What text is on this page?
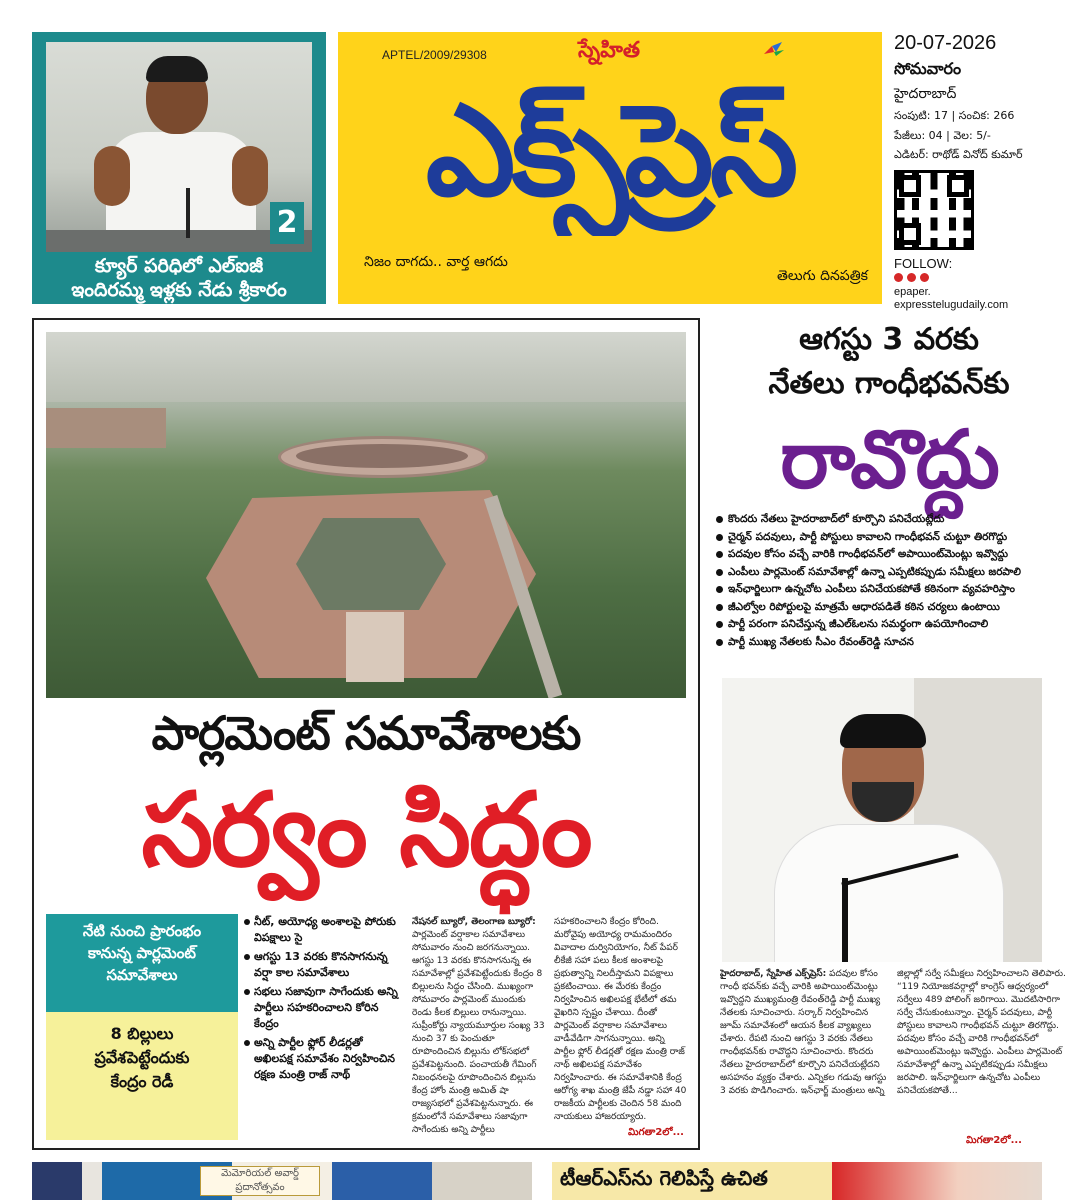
2
క్యూర్ పరిధిలో ఎల్ఐజీ
ఇందిరమ్మ ఇళ్లకు నేడు శ్రీకారం
APTEL/2009/29308	స్నేహిత
ఎక్స్‌ప్రెస్
నిజం దాగదు.. వార్త ఆగదు
తెలుగు దినపత్రిక
20-07-2026
సోమవారం
హైదరాబాద్
సంపుటి: 17 | సంచిక: 266
పేజీలు: 04 | వెల: 5/-
ఎడిటర్: రాథోడ్ వినోద్ కుమార్
FOLLOW:
epaper.
expresstelugudaily.com
పార్లమెంట్ సమావేశాలకు
సర్వం సిద్ధం
నేటి నుంచి ప్రారంభం
కానున్న పార్లమెంట్
సమావేశాలు
8 బిల్లులు
ప్రవేశపెట్టేందుకు
కేంద్రం రెడీ
నీట్, అయోధ్య అంశాలపై పోరుకు విపక్షాలు సై
ఆగస్టు 13 వరకు కొనసాగనున్న వర్షా కాల సమావేశాలు
సభలు సజావుగా సాగేందుకు అన్ని పార్టీలు సహకరించాలని కోరిన కేంద్రం
అన్ని పార్టీల ఫ్లోర్ లీడర్లతో అఖిలపక్ష సమావేశం నిర్వహించిన రక్షణ మంత్రి రాజ్ నాథ్
నేషనల్ బ్యూరో, తెలంగాణ బ్యూరో: పార్లమెంట్ వర్షాకాల సమావేశాలు సోమవారం నుంచి జరగనున్నాయి. ఆగస్టు 13 వరకు కొనసాగనున్న ఈ సమావేశాల్లో ప్రవేశపెట్టేందుకు కేంద్రం 8 బిల్లులను సిద్ధం చేసింది. ముఖ్యంగా సోమవారం పార్లమెంట్ ముందుకు రెండు కీలక బిల్లులు రానున్నాయి. సుప్రీంకోర్టు న్యాయమూర్తుల సంఖ్య 33 నుంచి 37 కు పెంచుతూ రూపొందించిన బిల్లును లోక్‌సభలో ప్రవేశపెట్టనుంది. పంచాయతీ గేమింగ్ నిబంధనలపై రూపొందించిన బిల్లును కేంద్ర హోం మంత్రి అమిత్ షా రాజ్యసభలో ప్రవేశపెట్టనున్నారు. ఈ క్రమంలోనే సమావేశాలు సజావుగా సాగేందుకు అన్ని పార్టీలు సహకరించాలని కేంద్రం కోరింది. మరోవైపు అయోధ్య రామమందిరం వివాదాల దుర్వినియోగం, నీట్ పేపర్ లీకేజీ సహా పలు కీలక అంశాలపై ప్రభుత్వాన్ని నిలదీస్తామని విపక్షాలు ప్రకటించాయి. ఈ మేరకు కేంద్రం నిర్వహించిన అఖిలపక్ష భేటీలో తమ వైఖరిని స్పష్టం చేశాయి. దీంతో పార్లమెంట్ వర్షాకాల సమావేశాలు వాడీవేడిగా సాగనున్నాయి. అన్ని పార్టీల ఫ్లోర్ లీడర్లతో రక్షణ మంత్రి రాజ్ నాథ్ అఖిలపక్ష సమావేశం నిర్వహించారు. ఈ సమావేశానికి కేంద్ర ఆరోగ్య శాఖ మంత్రి జేపీ నడ్డా సహా 40 రాజకీయ పార్టీలకు చెందిన 58 మంది నాయకులు హాజరయ్యారు.
మిగతా2లో...
ఆగస్టు 3 వరకు
నేతలు గాంధీభవన్‌కు
రావొద్దు
కొందరు నేతలు హైదరాబాద్‌లో కూర్చొని పనిచేయట్లేదు
చైర్మన్ పదవులు, పార్టీ పోస్టులు కావాలని గాంధీభవన్ చుట్టూ తిరగొద్దు
పదవుల కోసం వచ్చే వారికి గాంధీభవన్‌లో అపాయింట్‌మెంట్లు ఇవ్వొద్దు
ఎంపీలు పార్లమెంట్ సమావేశాల్లో ఉన్నా ఎప్పటికప్పుడు సమీక్షలు జరపాలి
ఇన్‌ఛార్జిలుగా ఉన్నచోట ఎంపీలు పనిచేయకపోతే కఠినంగా వ్యవహరిస్తాం
జీఎల్వోల రిపోర్టులపై మాత్రమే ఆధారపడితే కఠిన చర్యలు ఉంటాయి
పార్టీ పరంగా పనిచేస్తున్న జీఎల్ఓలను సమర్థంగా ఉపయోగించాలి
పార్టీ ముఖ్య నేతలకు సీఎం రేవంత్‌రెడ్డి సూచన
హైదరాబాద్, స్నేహిత ఎక్స్‌ప్రెస్: పదవుల కోసం గాంధీ భవన్‌కు వచ్చే వారికి అపాయింట్‌మెంట్లు ఇవ్వొద్దని ముఖ్యమంత్రి రేవంత్‌రెడ్డి పార్టీ ముఖ్య నేతలకు సూచించారు. సర్కార్ నిర్వహించిన జూమ్ సమావేశంలో ఆయన కీలక వ్యాఖ్యలు చేశారు. రేపటి నుంచి ఆగస్టు 3 వరకు నేతలు గాంధీభవన్‌కు రావొద్దని సూచించారు. కొందరు నేతలు హైదరాబాద్‌లో కూర్చొని పనిచేయట్లేదని అసహనం వ్యక్తం చేశారు. ఎన్నికల గడువు ఆగస్టు 3 వరకు పొడిగించారు. ఇన్‌ఛార్జ్ మంత్రులు అన్ని జిల్లాల్లో సర్వే సమీక్షలు నిర్వహించాలని తెలిపారు. “119 నియోజకవర్గాల్లో కాంగ్రెస్ ఆధ్వర్యంలో సర్వేలు 489 పోలింగ్ జరిగాయి. మొదటిసారిగా సర్వే చేసుకుంటున్నాం. చైర్మన్ పదవులు, పార్టీ పోస్టులు కావాలని గాంధీభవన్ చుట్టూ తిరగొద్దు. పదవుల కోసం వచ్చే వారికి గాంధీభవన్‌లో అపాయింట్‌మెంట్లు ఇవ్వొద్దు. ఎంపీలు పార్లమెంట్ సమావేశాల్లో ఉన్నా ఎప్పటికప్పుడు సమీక్షలు జరపాలి. ఇన్‌ఛార్జిలుగా ఉన్నచోట ఎంపీలు పనిచేయకపోతే...
మిగతా2లో...
మెమోరియల్ అవార్డ్ ప్రదానోత్సవం	టీఆర్ఎస్‌ను గెలిపిస్తే ఉచిత
